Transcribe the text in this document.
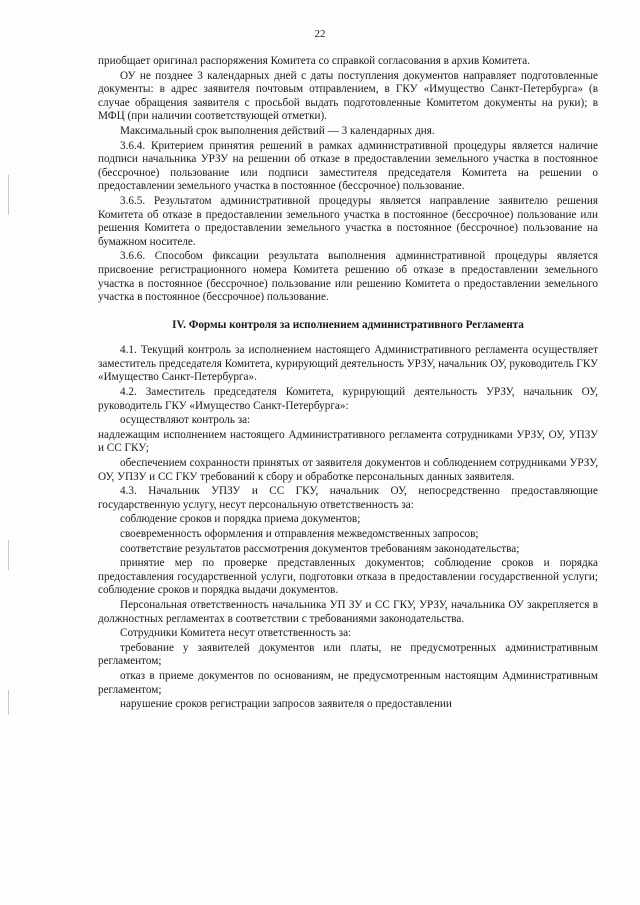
22

приобщает оригинал распоряжения Комитета со справкой согласования в архив Комитета.

ОУ не позднее 3 календарных дней с даты поступления документов направляет подготовленные документы: в адрес заявителя почтовым отправлением, в ГКУ «Имущество Санкт-Петербурга» (в случае обращения заявителя с просьбой выдать подготовленные Комитетом документы на руки); в МФЦ (при наличии соответствующей отметки).

Максимальный срок выполнения действий — 3 календарных дня.

3.6.4. Критерием принятия решений в рамках административной процедуры является наличие подписи начальника УРЗУ на решении об отказе в предоставлении земельного участка в постоянное (бессрочное) пользование или подписи заместителя председателя Комитета на решении о предоставлении земельного участка в постоянное (бессрочное) пользование.

3.6.5. Результатом административной процедуры является направление заявителю решения Комитета об отказе в предоставлении земельного участка в постоянное (бессрочное) пользование или решения Комитета о предоставлении земельного участка в постоянное (бессрочное) пользование на бумажном носителе.

3.6.6. Способом фиксации результата выполнения административной процедуры является присвоение регистрационного номера Комитета решению об отказе в предоставлении земельного участка в постоянное (бессрочное) пользование или решению Комитета о предоставлении земельного участка в постоянное (бессрочное) пользование.

IV. Формы контроля за исполнением административного Регламента

4.1. Текущий контроль за исполнением настоящего Административного регламента осуществляет заместитель председателя Комитета, курирующий деятельность УРЗУ, начальник ОУ, руководитель ГКУ «Имущество Санкт-Петербурга».

4.2. Заместитель председателя Комитета, курирующий деятельность УРЗУ, начальник ОУ, руководитель ГКУ «Имущество Санкт-Петербурга»:

осуществляют контроль за:

надлежащим исполнением настоящего Административного регламента сотрудниками УРЗУ, ОУ, УПЗУ и СС ГКУ;

обеспечением сохранности принятых от заявителя документов и соблюдением сотрудниками УРЗУ, ОУ, УПЗУ и СС ГКУ требований к сбору и обработке персональных данных заявителя.

4.3. Начальник УПЗУ и СС ГКУ, начальник ОУ, непосредственно предоставляющие государственную услугу, несут персональную ответственность за:

соблюдение сроков и порядка приема документов;

своевременность оформления и отправления межведомственных запросов;

соответствие результатов рассмотрения документов требованиям законодательства;

принятие мер по проверке представленных документов; соблюдение сроков и порядка предоставления государственной услуги, подготовки отказа в предоставлении государственной услуги; соблюдение сроков и порядка выдачи документов.

Персональная ответственность начальника УП ЗУ и СС ГКУ, УРЗУ, начальника ОУ закрепляется в должностных регламентах в соответствии с требованиями законодательства.

Сотрудники Комитета несут ответственность за:

требование у заявителей документов или платы, не предусмотренных административным регламентом;

отказ в приеме документов по основаниям, не предусмотренным настоящим Административным регламентом;

нарушение сроков регистрации запросов заявителя о предоставлении
